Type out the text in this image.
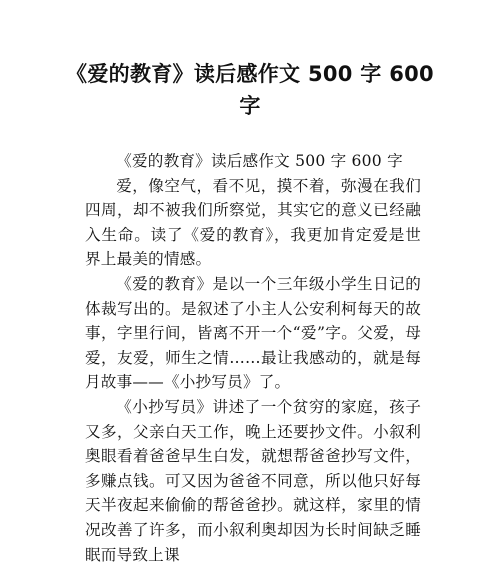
《爱的教育》读后感作文 500 字 600 字

《爱的教育》读后感作文 500 字 600 字

爱，像空气，看不见，摸不着，弥漫在我们四周，却不被我们所察觉，其实它的意义已经融入生命。读了《爱的教育》，我更加肯定爱是世界上最美的情感。

《爱的教育》是以一个三年级小学生日记的体裁写出的。是叙述了小主人公安利柯每天的故事，字里行间，皆离不开一个“爱”字。父爱，母爱，友爱，师生之情……最让我感动的，就是每月故事——《小抄写员》了。

《小抄写员》讲述了一个贫穷的家庭，孩子又多，父亲白天工作，晚上还要抄文件。小叙利奥眼看着爸爸早生白发，就想帮爸爸抄写文件，多赚点钱。可又因为爸爸不同意，所以他只好每天半夜起来偷偷的帮爸爸抄。就这样，家里的情况改善了许多，而小叙利奥却因为长时间缺乏睡眠而导致上课
